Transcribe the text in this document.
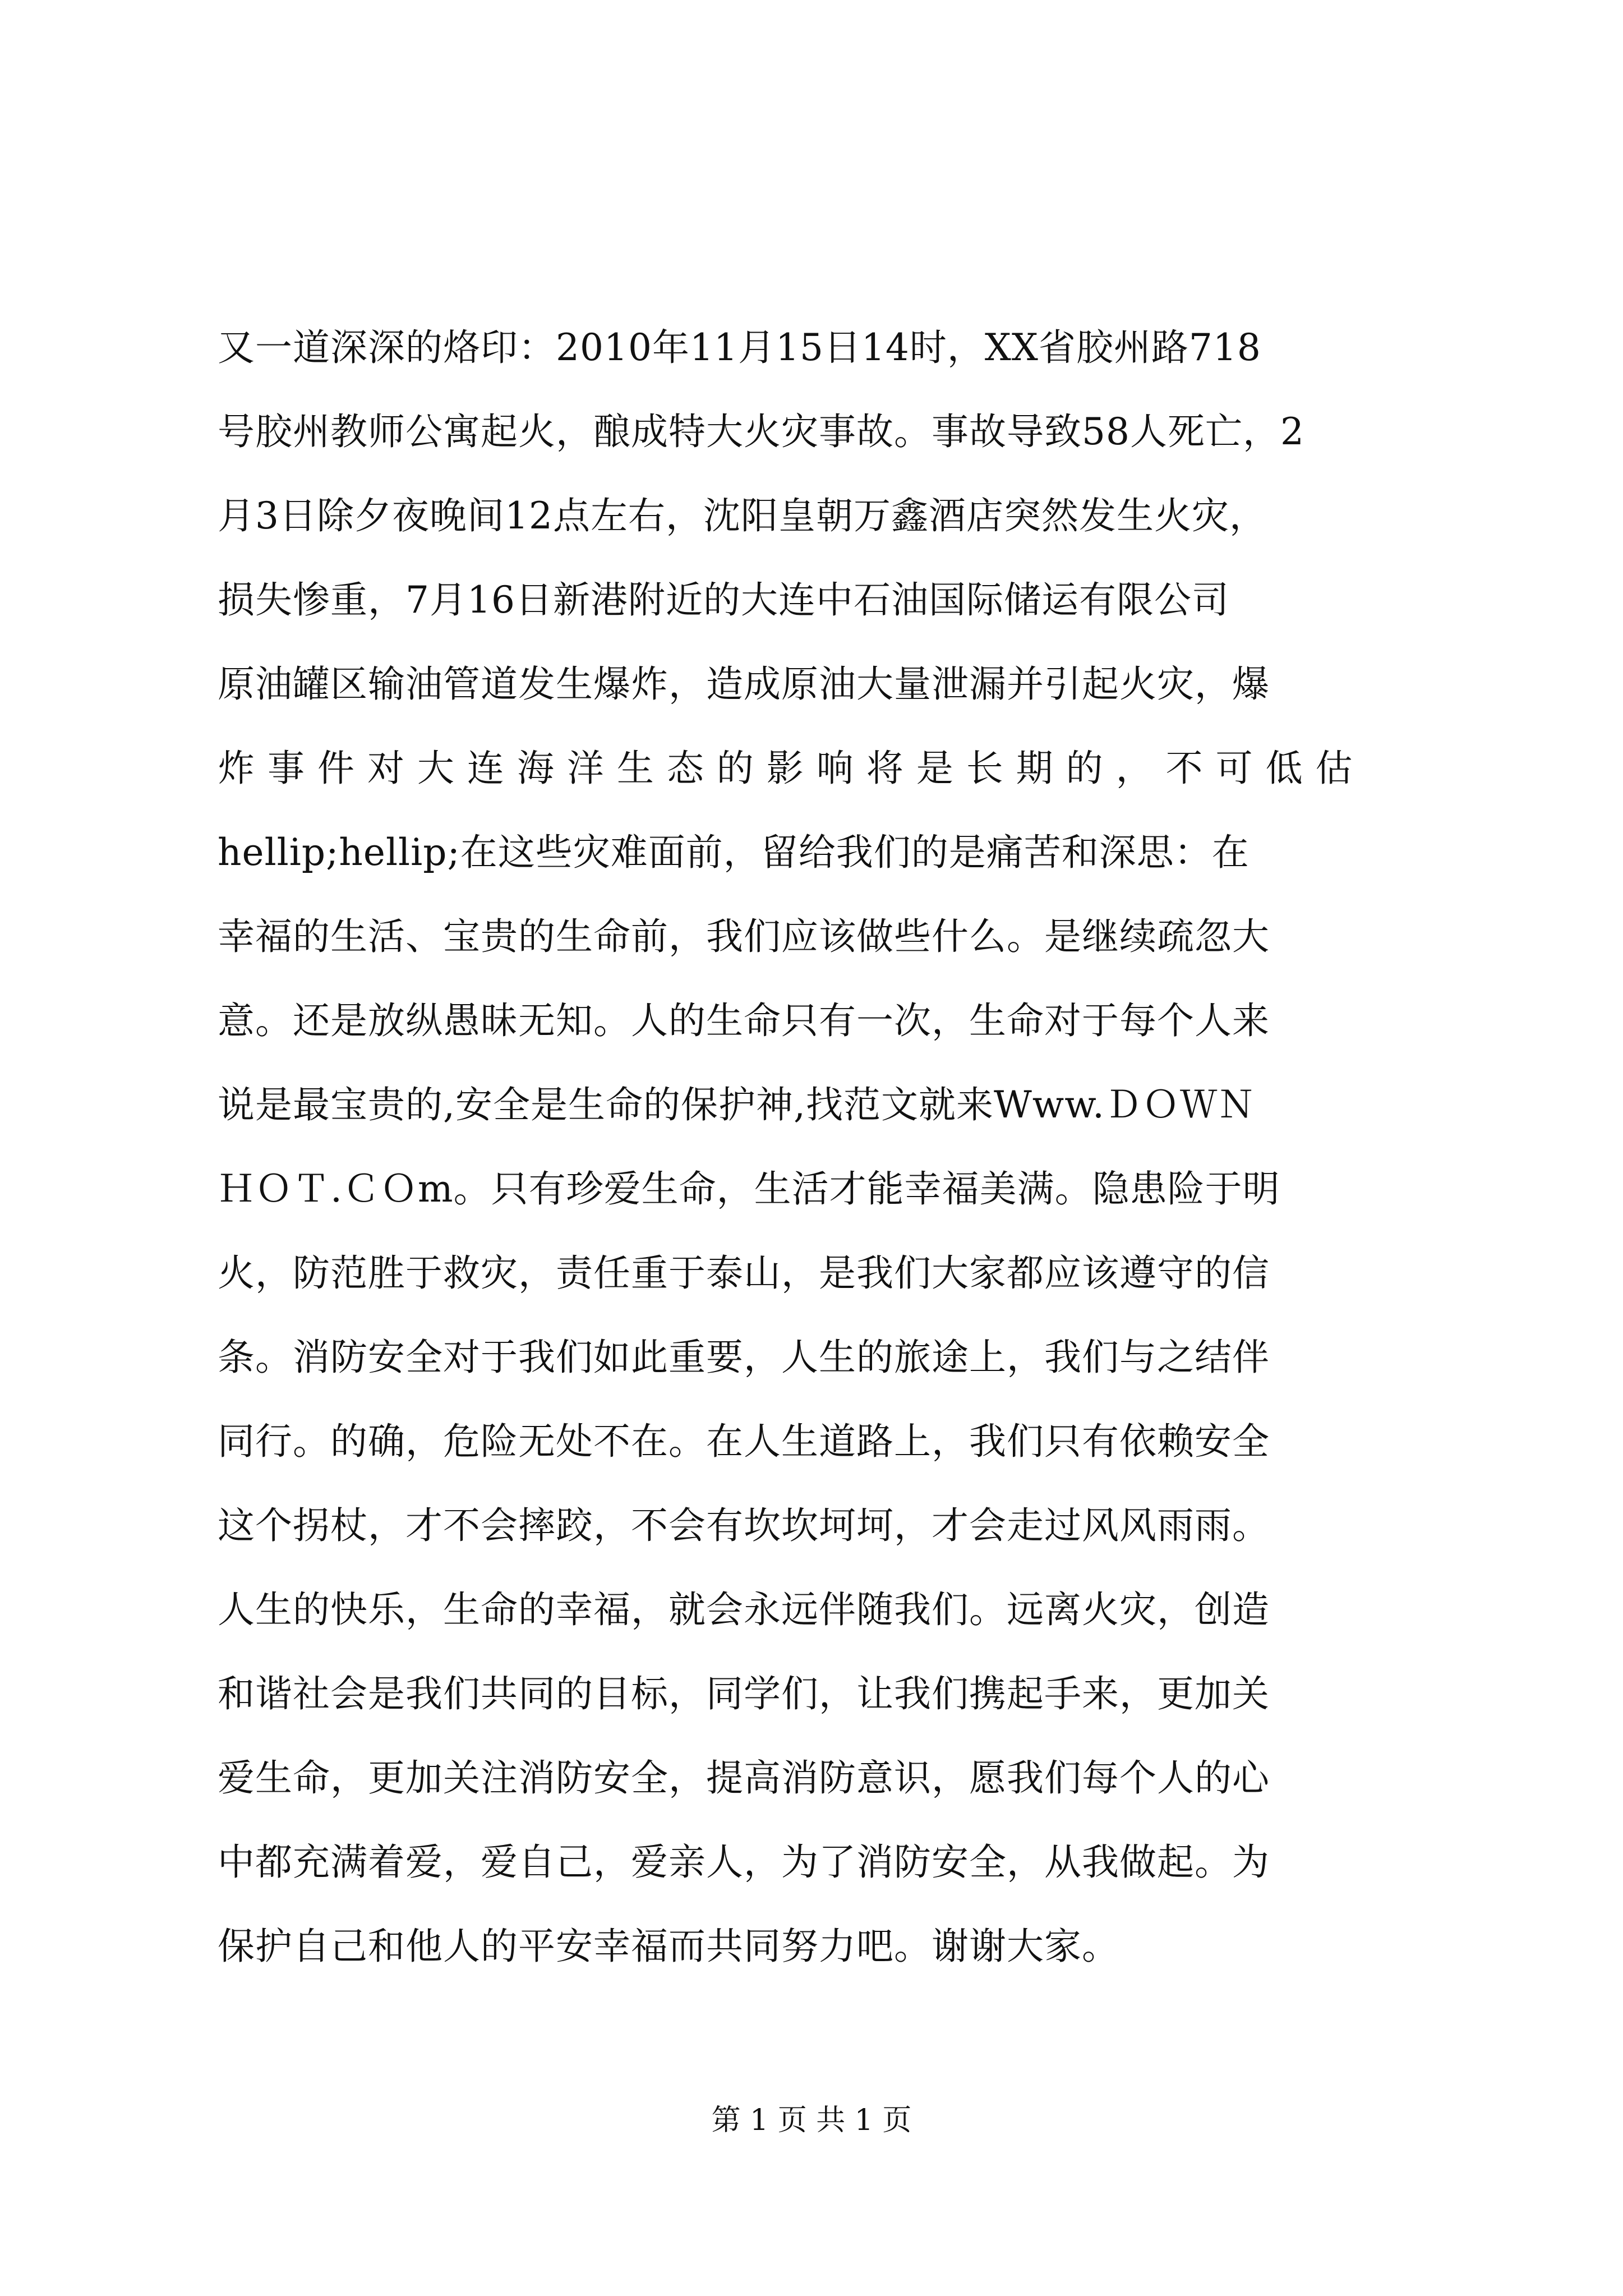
又一道深深的烙印：2010年11月15日14时，XX省胶州路718
号胶州教师公寓起火，酿成特大火灾事故。事故导致58人死亡，2
月3日除夕夜晚间12点左右，沈阳皇朝万鑫酒店突然发生火灾，
损失惨重，7月16日新港附近的大连中石油国际储运有限公司
原油罐区输油管道发生爆炸，造成原油大量泄漏并引起火灾，爆
炸 事 件 对 大 连 海 洋 生 态 的 影 响 将 是 长 期 的 ， 不 可 低 估
hellip;hellip;在这些灾难面前，留给我们的是痛苦和深思：在
幸福的生活、宝贵的生命前，我们应该做些什么。是继续疏忽大
意。还是放纵愚昧无知。人的生命只有一次，生命对于每个人来
说是最宝贵的,安全是生命的保护神,找范文就来Www.ＤＯＷＮ
ＨＯＴ.ＣＯm。只有珍爱生命，生活才能幸福美满。隐患险于明
火，防范胜于救灾，责任重于泰山，是我们大家都应该遵守的信
条。消防安全对于我们如此重要，人生的旅途上，我们与之结伴
同行。的确，危险无处不在。在人生道路上，我们只有依赖安全
这个拐杖，才不会摔跤，不会有坎坎坷坷，才会走过风风雨雨。
人生的快乐，生命的幸福，就会永远伴随我们。远离火灾，创造
和谐社会是我们共同的目标，同学们，让我们携起手来，更加关
爱生命，更加关注消防安全，提高消防意识，愿我们每个人的心
中都充满着爱，爱自己，爱亲人，为了消防安全，从我做起。为
保护自己和他人的平安幸福而共同努力吧。谢谢大家。
第 1 页 共 1 页
